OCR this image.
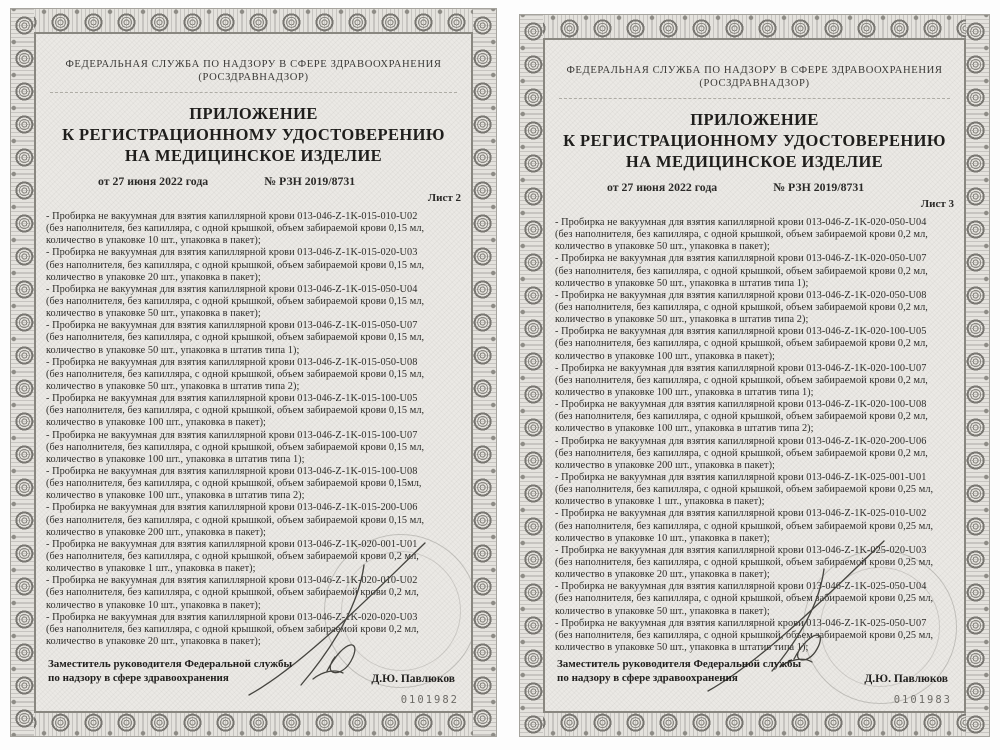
ФЕДЕРАЛЬНАЯ СЛУЖБА ПО НАДЗОРУ В СФЕРЕ ЗДРАВООХРАНЕНИЯ
(РОСЗДРАВНАДЗОР)
ПРИЛОЖЕНИЕ
К РЕГИСТРАЦИОННОМУ УДОСТОВЕРЕНИЮ
НА МЕДИЦИНСКОЕ ИЗДЕЛИЕ
от 27 июня 2022 года	№ РЗН 2019/8731
Лист 2
- Пробирка не вакуумная для взятия капиллярной крови 013-046-Z-1K-015-010-U02
(без наполнителя, без капилляра, с одной крышкой, объем забираемой крови 0,15 мл,
количество в упаковке 10 шт., упаковка в пакет);
- Пробирка не вакуумная для взятия капиллярной крови 013-046-Z-1K-015-020-U03
(без наполнителя, без капилляра, с одной крышкой, объем забираемой крови 0,15 мл,
количество в упаковке 20 шт., упаковка в пакет);
- Пробирка не вакуумная для взятия капиллярной крови 013-046-Z-1K-015-050-U04
(без наполнителя, без капилляра, с одной крышкой, объем забираемой крови 0,15 мл,
количество в упаковке 50 шт., упаковка в пакет);
- Пробирка не вакуумная для взятия капиллярной крови 013-046-Z-1K-015-050-U07
(без наполнителя, без капилляра, с одной крышкой, объем забираемой крови 0,15 мл,
количество в упаковке 50 шт., упаковка в штатив типа 1);
- Пробирка не вакуумная для взятия капиллярной крови 013-046-Z-1K-015-050-U08
(без наполнителя, без капилляра, с одной крышкой, объем забираемой крови 0,15 мл,
количество в упаковке 50 шт., упаковка в штатив типа 2);
- Пробирка не вакуумная для взятия капиллярной крови 013-046-Z-1K-015-100-U05
(без наполнителя, без капилляра, с одной крышкой, объем забираемой крови 0,15 мл,
количество в упаковке 100 шт., упаковка в пакет);
- Пробирка не вакуумная для взятия капиллярной крови 013-046-Z-1K-015-100-U07
(без наполнителя, без капилляра, с одной крышкой, объем забираемой крови 0,15 мл,
количество в упаковке 100 шт., упаковка в штатив типа 1);
- Пробирка не вакуумная для взятия капиллярной крови 013-046-Z-1K-015-100-U08
(без наполнителя, без капилляра, с одной крышкой, объем забираемой крови 0,15мл,
количество в упаковке 100 шт., упаковка в штатив типа 2);
- Пробирка не вакуумная для взятия капиллярной крови 013-046-Z-1K-015-200-U06
(без наполнителя, без капилляра, с одной крышкой, объем забираемой крови 0,15 мл,
количество в упаковке 200 шт., упаковка в пакет);
- Пробирка не вакуумная для взятия капиллярной крови 013-046-Z-1K-020-001-U01
(без наполнителя, без капилляра, с одной крышкой, объем забираемой крови 0,2 мл,
количество в упаковке 1 шт., упаковка в пакет);
- Пробирка не вакуумная для взятия капиллярной крови 013-046-Z-1K-020-010-U02
(без наполнителя, без капилляра, с одной крышкой, объем забираемой крови 0,2 мл,
количество в упаковке 10 шт., упаковка в пакет);
- Пробирка не вакуумная для взятия капиллярной крови 013-046-Z-1K-020-020-U03
(без наполнителя, без капилляра, с одной крышкой, объем забираемой крови 0,2 мл,
количество в упаковке 20 шт., упаковка в пакет);
Заместитель руководителя Федеральной службы
по надзору в сфере здравоохранения	Д.Ю. Павлюков
0101982
ФЕДЕРАЛЬНАЯ СЛУЖБА ПО НАДЗОРУ В СФЕРЕ ЗДРАВООХРАНЕНИЯ
(РОСЗДРАВНАДЗОР)
ПРИЛОЖЕНИЕ
К РЕГИСТРАЦИОННОМУ УДОСТОВЕРЕНИЮ
НА МЕДИЦИНСКОЕ ИЗДЕЛИЕ
от 27 июня 2022 года	№ РЗН 2019/8731
Лист 3
- Пробирка не вакуумная для взятия капиллярной крови 013-046-Z-1K-020-050-U04
(без наполнителя, без капилляра, с одной крышкой, объем забираемой крови 0,2 мл,
количество в упаковке 50 шт., упаковка в пакет);
- Пробирка не вакуумная для взятия капиллярной крови 013-046-Z-1K-020-050-U07
(без наполнителя, без капилляра, с одной крышкой, объем забираемой крови 0,2 мл,
количество в упаковке 50 шт., упаковка в штатив типа 1);
- Пробирка не вакуумная для взятия капиллярной крови 013-046-Z-1K-020-050-U08
(без наполнителя, без капилляра, с одной крышкой, объем забираемой крови 0,2 мл,
количество в упаковке 50 шт., упаковка в штатив типа 2);
- Пробирка не вакуумная для взятия капиллярной крови 013-046-Z-1K-020-100-U05
(без наполнителя, без капилляра, с одной крышкой, объем забираемой крови 0,2 мл,
количество в упаковке 100 шт., упаковка в пакет);
- Пробирка не вакуумная для взятия капиллярной крови 013-046-Z-1K-020-100-U07
(без наполнителя, без капилляра, с одной крышкой, объем забираемой крови 0,2 мл,
количество в упаковке 100 шт., упаковка в штатив типа 1);
- Пробирка не вакуумная для взятия капиллярной крови 013-046-Z-1K-020-100-U08
(без наполнителя, без капилляра, с одной крышкой, объем забираемой крови 0,2 мл,
количество в упаковке 100 шт., упаковка в штатив типа 2);
- Пробирка не вакуумная для взятия капиллярной крови 013-046-Z-1K-020-200-U06
(без наполнителя, без капилляра, с одной крышкой, объем забираемой крови 0,2 мл,
количество в упаковке 200 шт., упаковка в пакет);
- Пробирка не вакуумная для взятия капиллярной крови 013-046-Z-1K-025-001-U01
(без наполнителя, без капилляра, с одной крышкой, объем забираемой крови 0,25 мл,
количество в упаковке 1 шт., упаковка в пакет);
- Пробирка не вакуумная для взятия капиллярной крови 013-046-Z-1K-025-010-U02
(без наполнителя, без капилляра, с одной крышкой, объем забираемой крови 0,25 мл,
количество в упаковке 10 шт., упаковка в пакет);
- Пробирка не вакуумная для взятия капиллярной крови 013-046-Z-1K-025-020-U03
(без наполнителя, без капилляра, с одной крышкой, объем забираемой крови 0,25 мл,
количество в упаковке 20 шт., упаковка в пакет);
- Пробирка не вакуумная для взятия капиллярной крови 013-046-Z-1K-025-050-U04
(без наполнителя, без капилляра, с одной крышкой, объем забираемой крови 0,25 мл,
количество в упаковке 50 шт., упаковка в пакет);
- Пробирка не вакуумная для взятия капиллярной крови 013-046-Z-1K-025-050-U07
(без наполнителя, без капилляра, с одной крышкой, объем забираемой крови 0,25 мл,
количество в упаковке 50 шт., упаковка в штатив типа 1);
Заместитель руководителя Федеральной службы
по надзору в сфере здравоохранения	Д.Ю. Павлюков
0101983
